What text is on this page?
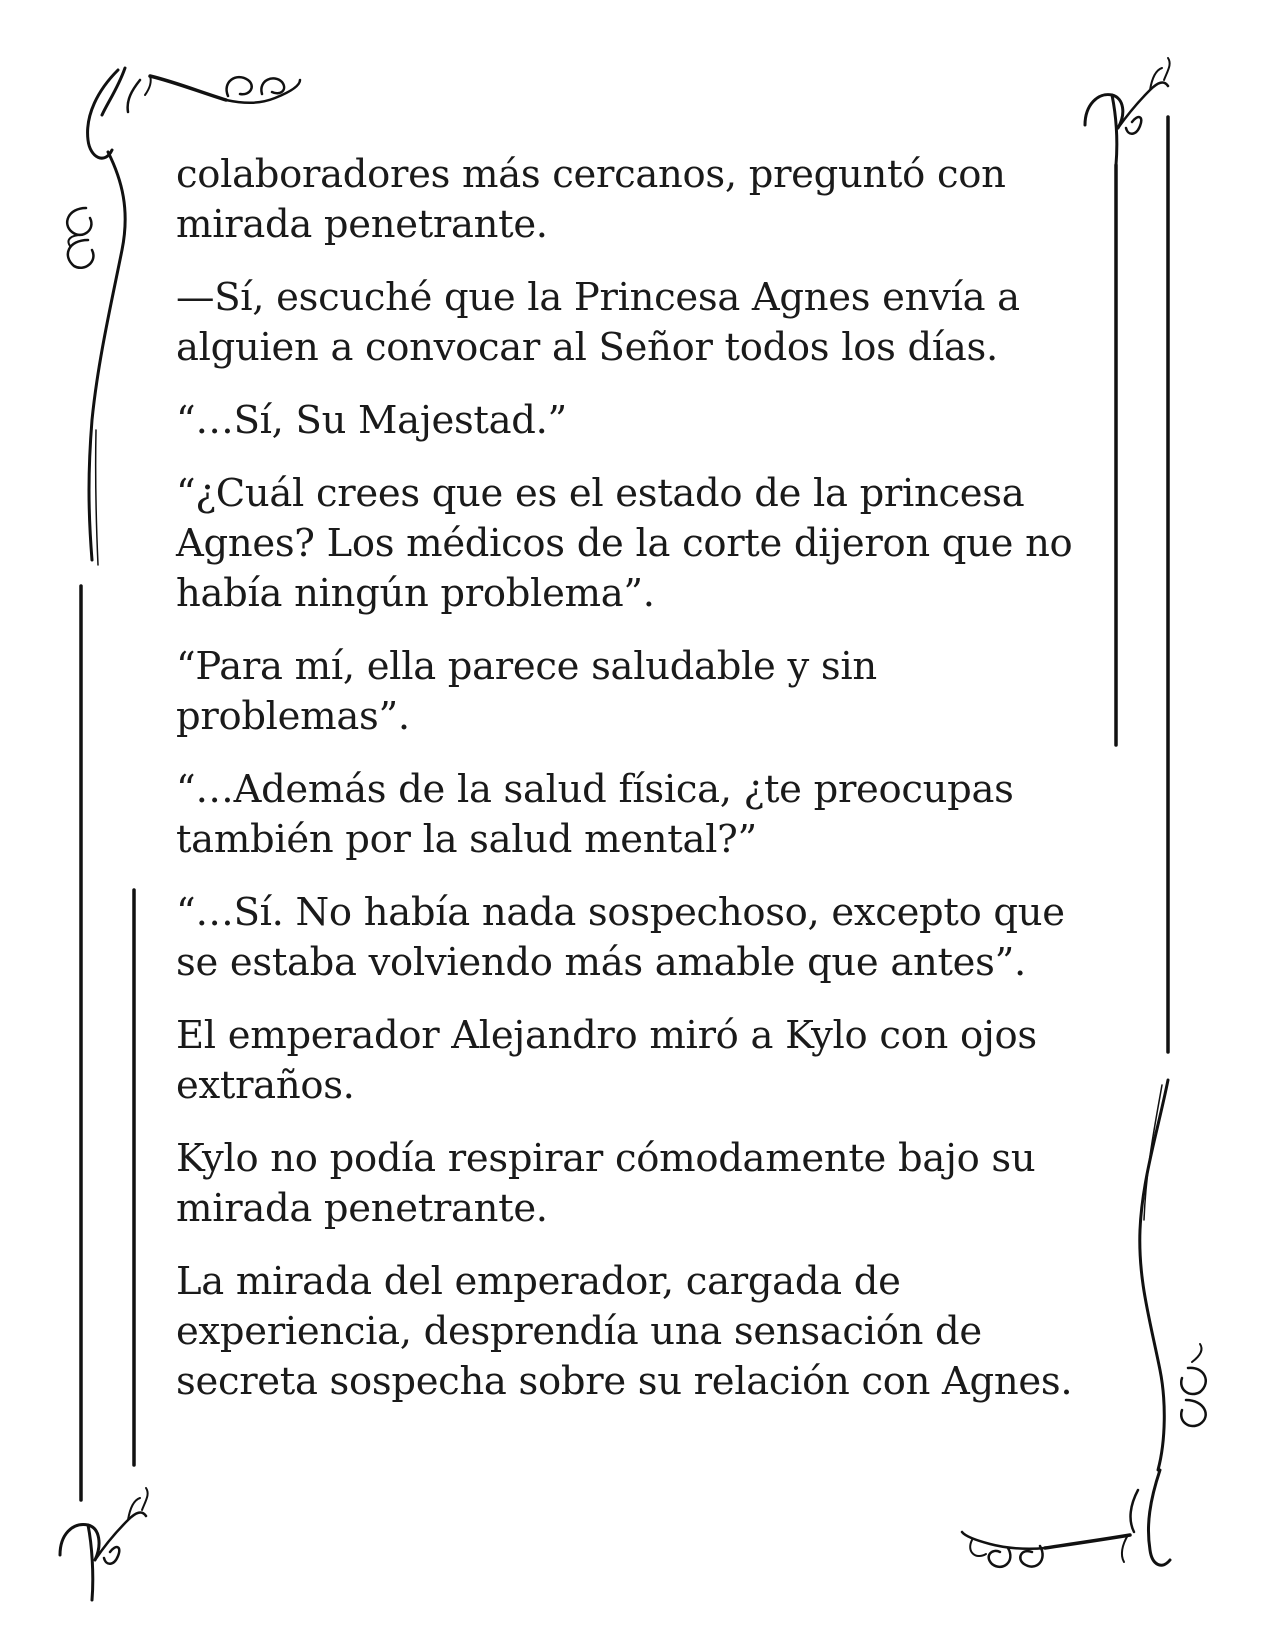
colaboradores más cercanos, preguntó con
mirada penetrante.

—Sí, escuché que la Princesa Agnes envía a
alguien a convocar al Señor todos los días.

“…Sí, Su Majestad.”

“¿Cuál crees que es el estado de la princesa
Agnes? Los médicos de la corte dijeron que no
había ningún problema”.

“Para mí, ella parece saludable y sin
problemas”.

“…Además de la salud física, ¿te preocupas
también por la salud mental?”

“…Sí. No había nada sospechoso, excepto que
se estaba volviendo más amable que antes”.

El emperador Alejandro miró a Kylo con ojos
extraños.

Kylo no podía respirar cómodamente bajo su
mirada penetrante.

La mirada del emperador, cargada de
experiencia, desprendía una sensación de
secreta sospecha sobre su relación con Agnes.
